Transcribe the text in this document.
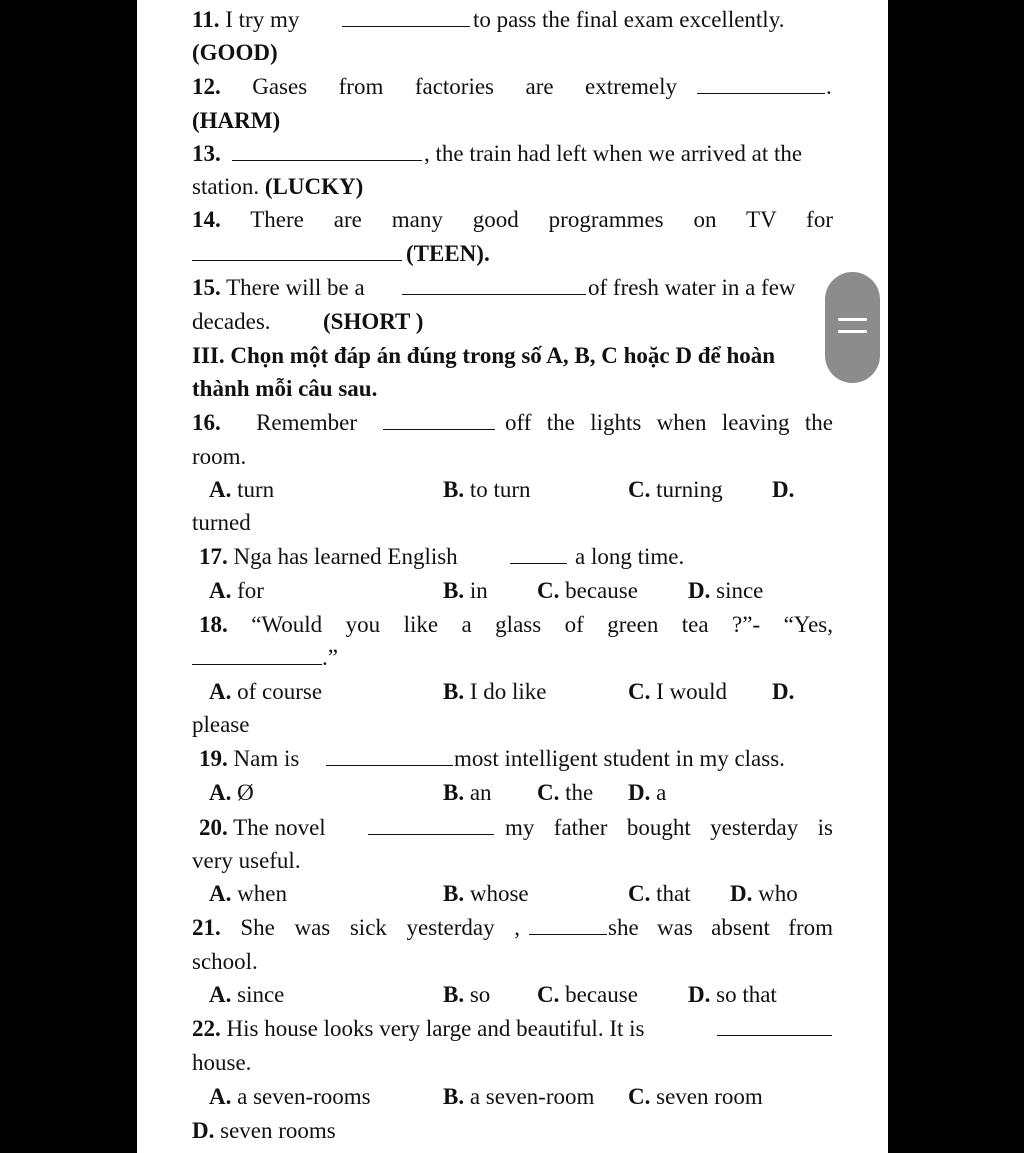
11. I try my	to pass the final exam excellently.
(GOOD)
12. Gases from factories are extremely	.
(HARM)
13.	, the train had left when we arrived at the
station. (LUCKY)
14. There are many good programmes on TV for
(TEEN).
15. There will be a	of fresh water in a few
decades. (SHORT )
III. Chọn một đáp án đúng trong số A, B, C hoặc D để hoàn
thành mỗi câu sau.
16. Remember	off the lights when leaving the
room.
A. turn	B. to turn	C. turning D.
turned
17. Nga has learned English	a long time.
A. for	B. in C. because D. since
18. “Would you like a glass of green tea ?”- “Yes,
.”
A. of course	B. I do like	C. I would D.
please
19. Nam is	most intelligent student in my class.
A. Ø	B. an C. the D. a
20. The novel	my father bought yesterday is
very useful.
A. when	B. whose	C. that D. who
21. She was sick yesterday ,	she was absent from
school.
A. since	B. so C. because D. so that
22. His house looks very large and beautiful. It is
house.
A. a seven-rooms	B. a seven-room C. seven room
D. seven rooms
